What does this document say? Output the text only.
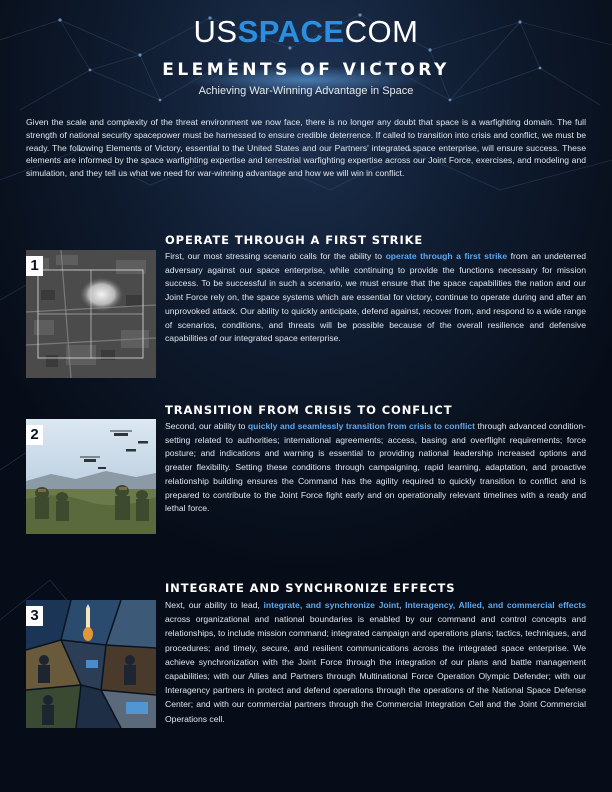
USSPACECOM
ELEMENTS OF VICTORY
Achieving War-Winning Advantage in Space

Given the scale and complexity of the threat environment we now face, there is no longer any doubt that space is a warfighting domain. The full strength of national security spacepower must be harnessed to ensure credible deterrence. If called to transition into crisis and conflict, we must be ready. The following Elements of Victory, essential to the United States and our Partners' integrated space enterprise, will ensure success. These elements are informed by the space warfighting expertise and terrestrial warfighting expertise across our Joint Force, exercises, and modeling and simulation, and they tell us what we need for war-winning advantage and how we will win in conflict.

1
OPERATE THROUGH A FIRST STRIKE

First, our most stressing scenario calls for the ability to operate through a first strike from an undeterred adversary against our space enterprise, while continuing to provide the functions necessary for mission success. To be successful in such a scenario, we must ensure that the space capabilities the nation and our Joint Force rely on, the space systems which are essential for victory, continue to operate during and after an unprovoked attack. Our ability to quickly anticipate, defend against, recover from, and respond to a wide range of scenarios, conditions, and threats will be possible because of the overall resilience and defensive capabilities of our integrated space enterprise.

2
TRANSITION FROM CRISIS TO CONFLICT

Second, our ability to quickly and seamlessly transition from crisis to conflict through advanced condition-setting related to authorities; international agreements; access, basing and overflight requirements; force posture; and indications and warning is essential to providing national leadership increased options and greater flexibility. Setting these conditions through campaigning, rapid learning, adaptation, and proactive relationship building ensures the Command has the agility required to quickly transition to conflict and is prepared to contribute to the Joint Force fight early and on operationally relevant timelines with a ready and lethal force.

3
INTEGRATE AND SYNCHRONIZE EFFECTS

Next, our ability to lead, integrate, and synchronize Joint, Interagency, Allied, and commercial effects across organizational and national boundaries is enabled by our command and control concepts and relationships, to include mission command; integrated campaign and operations plans; tactics, techniques, and procedures; and timely, secure, and resilient communications across the integrated space enterprise. We achieve synchronization with the Joint Force through the integration of our plans and battle management capabilities; with our Allies and Partners through Multinational Force Operation Olympic Defender; with our Interagency partners in protect and defend operations through the operations of the National Space Defense Center; and with our commercial partners through the Commercial Integration Cell and the Joint Commercial Operations cell.
